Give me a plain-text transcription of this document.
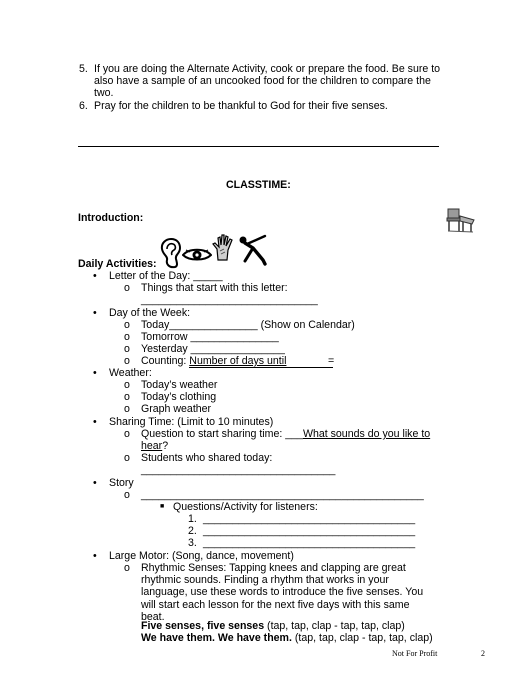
5. If you are doing the Alternate Activity, cook or prepare the food. Be sure to also have a sample of an uncooked food for the children to compare the two.
6. Pray for the children to be thankful to God for their five senses.
CLASSTIME:
Introduction:
Daily Activities:
• Letter of the Day: _____
o Things that start with this letter:
______________________________
• Day of the Week:
o Today_______________ (Show on Calendar)
o Tomorrow _______________
o Yesterday ________________
o Counting: Number of days until	=
• Weather:
o Today’s weather
o Today’s clothing
o Graph weather
• Sharing Time: (Limit to 10 minutes)
o Question to start sharing time: ___What sounds do you like to
hear?
o Students who shared today:
_________________________________
• Story
o ________________________________________________
■ Questions/Activity for listeners:
1. ____________________________________
2. ____________________________________
3. ____________________________________
• Large Motor: (Song, dance, movement)
o Rhythmic Senses: Tapping knees and clapping are great rhythmic sounds. Finding a rhythm that works in your language, use these words to introduce the five senses. You will start each lesson for the next five days with this same beat.
Five senses, five senses (tap, tap, clap - tap, tap, clap)
We have them. We have them. (tap, tap, clap - tap, tap, clap)
Not For Profit	2
